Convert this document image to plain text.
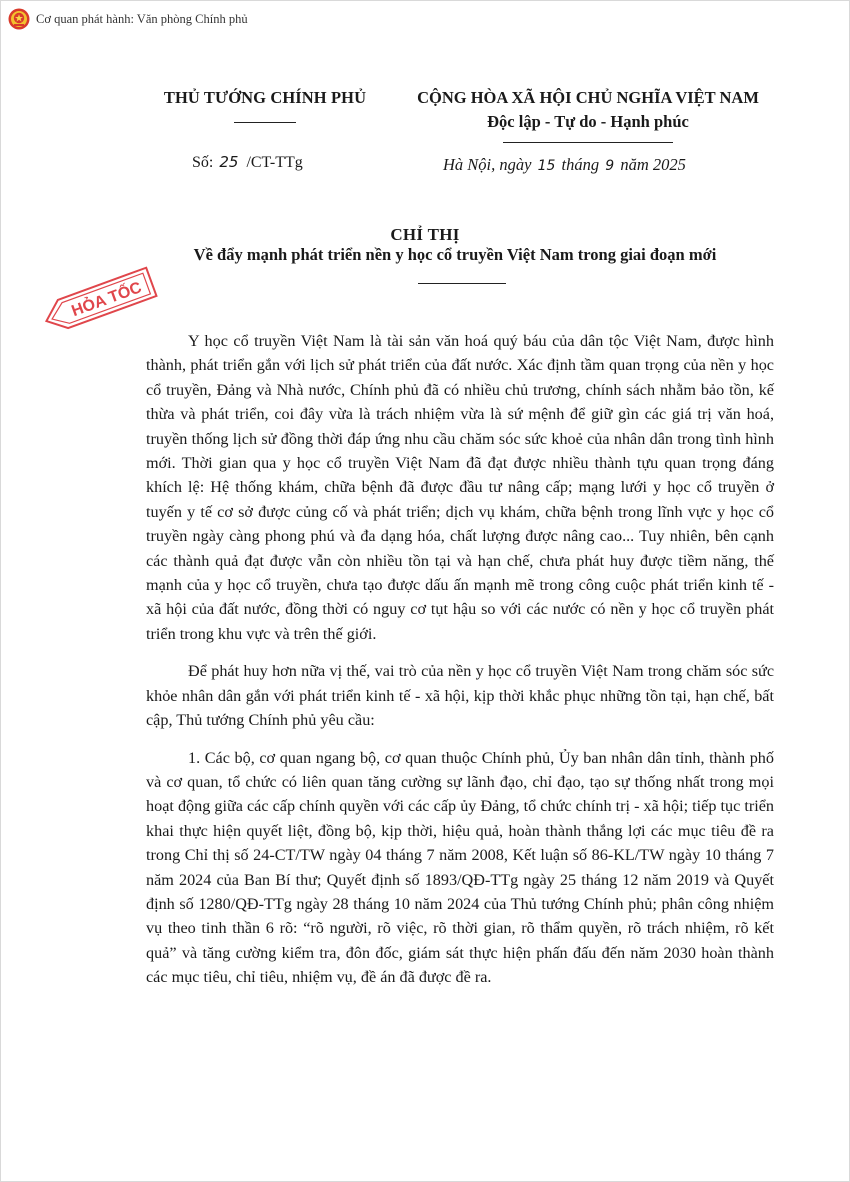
Cơ quan phát hành: Văn phòng Chính phủ
THỦ TƯỚNG CHÍNH PHỦ	CỘNG HÒA XÃ HỘI CHỦ NGHĨA VIỆT NAM
Độc lập - Tự do - Hạnh phúc
Số: 25 /CT-TTg	Hà Nội, ngày 15 tháng 9 năm 2025
CHỈ THỊ
Về đẩy mạnh phát triển nền y học cổ truyền Việt Nam trong giai đoạn mới
HỎA TỐC

Y học cổ truyền Việt Nam là tài sản văn hoá quý báu của dân tộc Việt Nam, được hình thành, phát triển gắn với lịch sử phát triển của đất nước. Xác định tầm quan trọng của nền y học cổ truyền, Đảng và Nhà nước, Chính phủ đã có nhiều chủ trương, chính sách nhằm bảo tồn, kế thừa và phát triển, coi đây vừa là trách nhiệm vừa là sứ mệnh để giữ gìn các giá trị văn hoá, truyền thống lịch sử đồng thời đáp ứng nhu cầu chăm sóc sức khoẻ của nhân dân trong tình hình mới. Thời gian qua y học cổ truyền Việt Nam đã đạt được nhiều thành tựu quan trọng đáng khích lệ: Hệ thống khám, chữa bệnh đã được đầu tư nâng cấp; mạng lưới y học cổ truyền ở tuyến y tế cơ sở được củng cố và phát triển; dịch vụ khám, chữa bệnh trong lĩnh vực y học cổ truyền ngày càng phong phú và đa dạng hóa, chất lượng được nâng cao... Tuy nhiên, bên cạnh các thành quả đạt được vẫn còn nhiều tồn tại và hạn chế, chưa phát huy được tiềm năng, thế mạnh của y học cổ truyền, chưa tạo được dấu ấn mạnh mẽ trong công cuộc phát triển kinh tế - xã hội của đất nước, đồng thời có nguy cơ tụt hậu so với các nước có nền y học cổ truyền phát triển trong khu vực và trên thế giới.

Để phát huy hơn nữa vị thế, vai trò của nền y học cổ truyền Việt Nam trong chăm sóc sức khỏe nhân dân gắn với phát triển kinh tế - xã hội, kịp thời khắc phục những tồn tại, hạn chế, bất cập, Thủ tướng Chính phủ yêu cầu:

1. Các bộ, cơ quan ngang bộ, cơ quan thuộc Chính phủ, Ủy ban nhân dân tỉnh, thành phố và cơ quan, tổ chức có liên quan tăng cường sự lãnh đạo, chỉ đạo, tạo sự thống nhất trong mọi hoạt động giữa các cấp chính quyền với các cấp ủy Đảng, tổ chức chính trị - xã hội; tiếp tục triển khai thực hiện quyết liệt, đồng bộ, kịp thời, hiệu quả, hoàn thành thắng lợi các mục tiêu đề ra trong Chỉ thị số 24-CT/TW ngày 04 tháng 7 năm 2008, Kết luận số 86-KL/TW ngày 10 tháng 7 năm 2024 của Ban Bí thư; Quyết định số 1893/QĐ-TTg ngày 25 tháng 12 năm 2019 và Quyết định số 1280/QĐ-TTg ngày 28 tháng 10 năm 2024 của Thủ tướng Chính phủ; phân công nhiệm vụ theo tinh thần 6 rõ: “rõ người, rõ việc, rõ thời gian, rõ thẩm quyền, rõ trách nhiệm, rõ kết quả” và tăng cường kiểm tra, đôn đốc, giám sát thực hiện phấn đấu đến năm 2030 hoàn thành các mục tiêu, chỉ tiêu, nhiệm vụ, đề án đã được đề ra.
